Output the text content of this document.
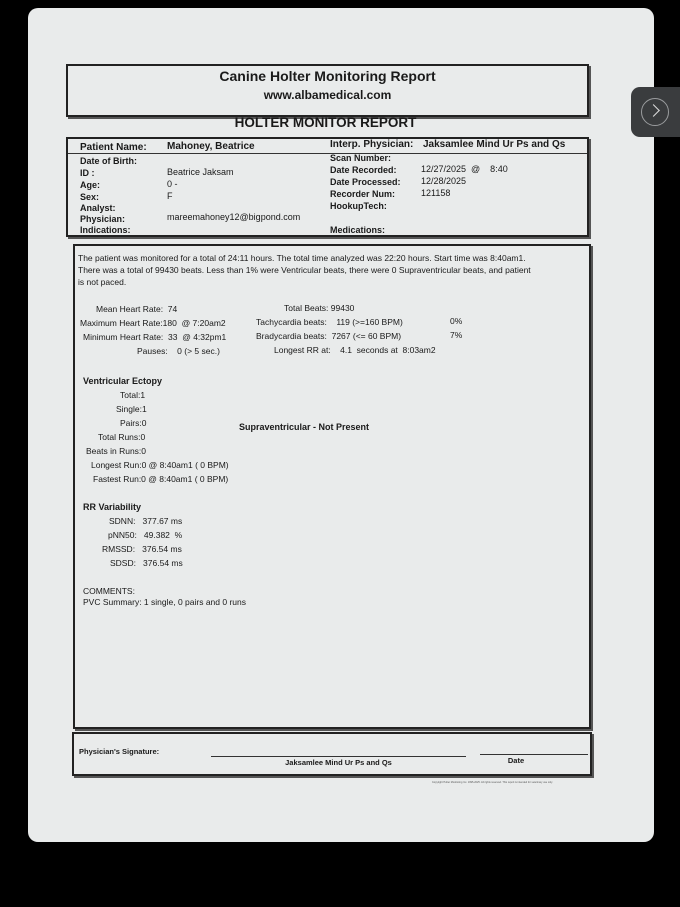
Canine Holter Monitoring Report
www.albamedical.com
HOLTER MONITOR REPORT
Patient Name: Mahoney, Beatrice	Interp. Physician: Jaksamlee Mind Ur Ps and Qs
Date of Birth:
ID :	Beatrice Jaksam
Age:	0 -
Sex:	F
Analyst:
Physician:	mareemahoney12@bigpond.com
Indications:
Scan Number:
Date Recorded:	12/27/2025  @    8:40
Date Processed: 12/28/2025
Recorder Num:	121158
HookupTech:
Medications:
The patient was monitored for a total of 24:11 hours. The total time analyzed was 22:20 hours. Start time was 8:40am1.
There was a total of 99430 beats. Less than 1% were Ventricular beats, there were 0 Supraventricular beats, and patient
is not paced.
Mean Heart Rate:  74
Maximum Heart Rate:180  @ 7:20am2
Minimum Heart Rate:  33  @ 4:32pm1
Pauses:    0 (> 5 sec.)
Total Beats: 99430
Tachycardia beats:    119 (>=160 BPM)	0%
Bradycardia beats:  7267 (<= 60 BPM)	7%
Longest RR at:    4.1  seconds at  8:03am2
Ventricular Ectopy
Total:1
Single:1
Pairs:0
Total Runs:0
Beats in Runs:0
Longest Run:0 @ 8:40am1 ( 0 BPM)
Fastest Run:0 @ 8:40am1 ( 0 BPM)
Supraventricular - Not Present
RR Variability
SDNN:   377.67 ms
pNN50:   49.382  %
RMSSD:   376.54 ms
SDSD:   376.54 ms
COMMENTS:
PVC Summary: 1 single, 0 pairs and 0 runs
Physician's Signature:
Jaksamlee Mind Ur Ps and Qs	Date
Copyright Holter Monitoring Inc. 1995-2025. All rights reserved. This report is intended for veterinary use only.
